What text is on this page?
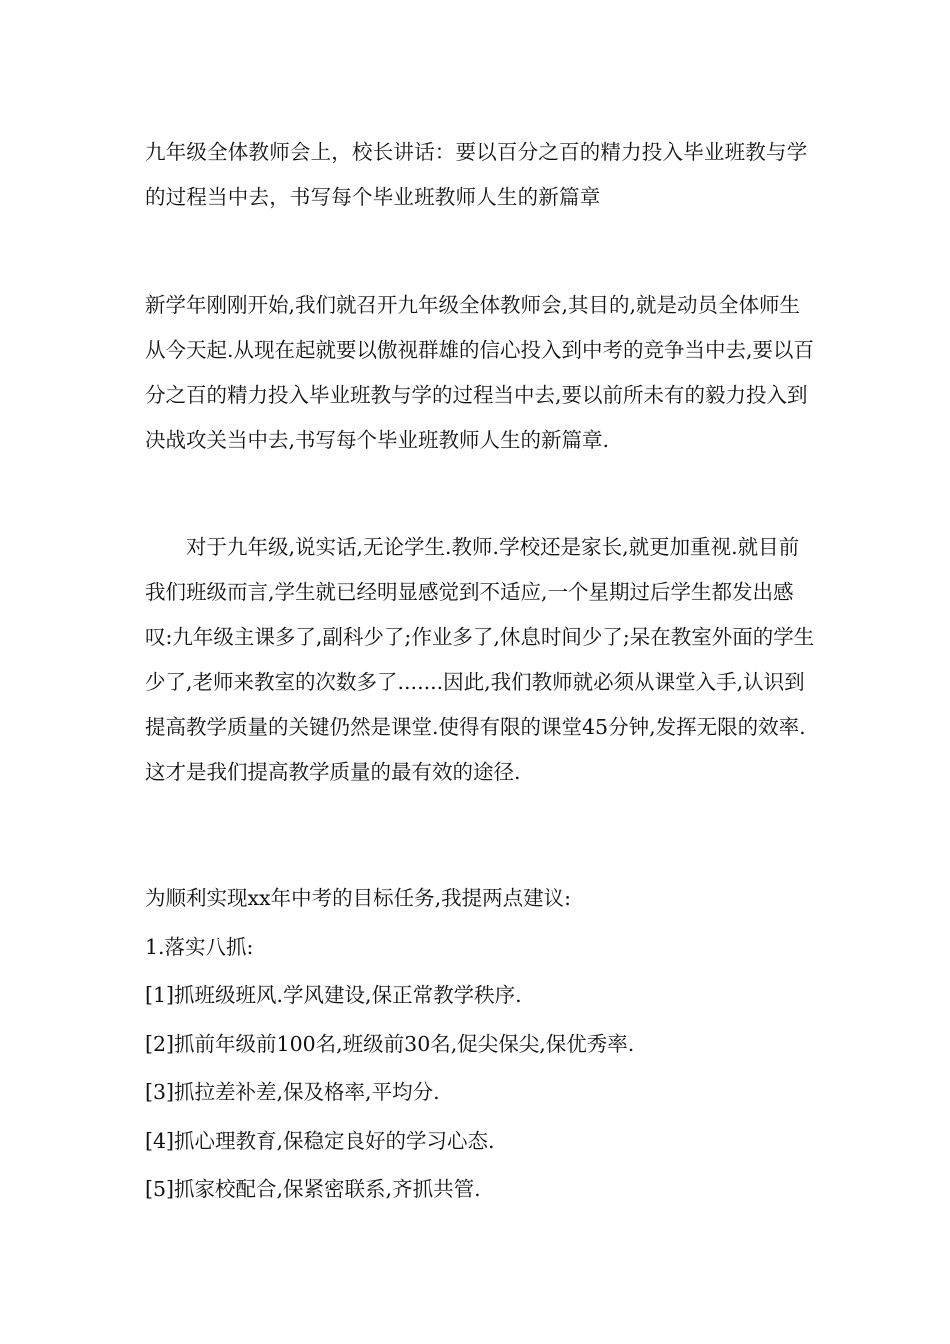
九年级全体教师会上，校长讲话：要以百分之百的精力投入毕业班教与学的过程当中去，书写每个毕业班教师人生的新篇章
新学年刚刚开始,我们就召开九年级全体教师会,其目的,就是动员全体师生从今天起.从现在起就要以傲视群雄的信心投入到中考的竞争当中去,要以百分之百的精力投入毕业班教与学的过程当中去,要以前所未有的毅力投入到决战攻关当中去,书写每个毕业班教师人生的新篇章.
对于九年级,说实话,无论学生.教师.学校还是家长,就更加重视.就目前我们班级而言,学生就已经明显感觉到不适应,一个星期过后学生都发出感叹:九年级主课多了,副科少了;作业多了,休息时间少了;呆在教室外面的学生少了,老师来教室的次数多了.......因此,我们教师就必须从课堂入手,认识到提高教学质量的关键仍然是课堂.使得有限的课堂45分钟,发挥无限的效率.这才是我们提高教学质量的最有效的途径.
为顺利实现xx年中考的目标任务,我提两点建议:
1.落实八抓:
[1]抓班级班风.学风建设,保正常教学秩序.
[2]抓前年级前100名,班级前30名,促尖保尖,保优秀率.
[3]抓拉差补差,保及格率,平均分.
[4]抓心理教育,保稳定良好的学习心态.
[5]抓家校配合,保紧密联系,齐抓共管.
